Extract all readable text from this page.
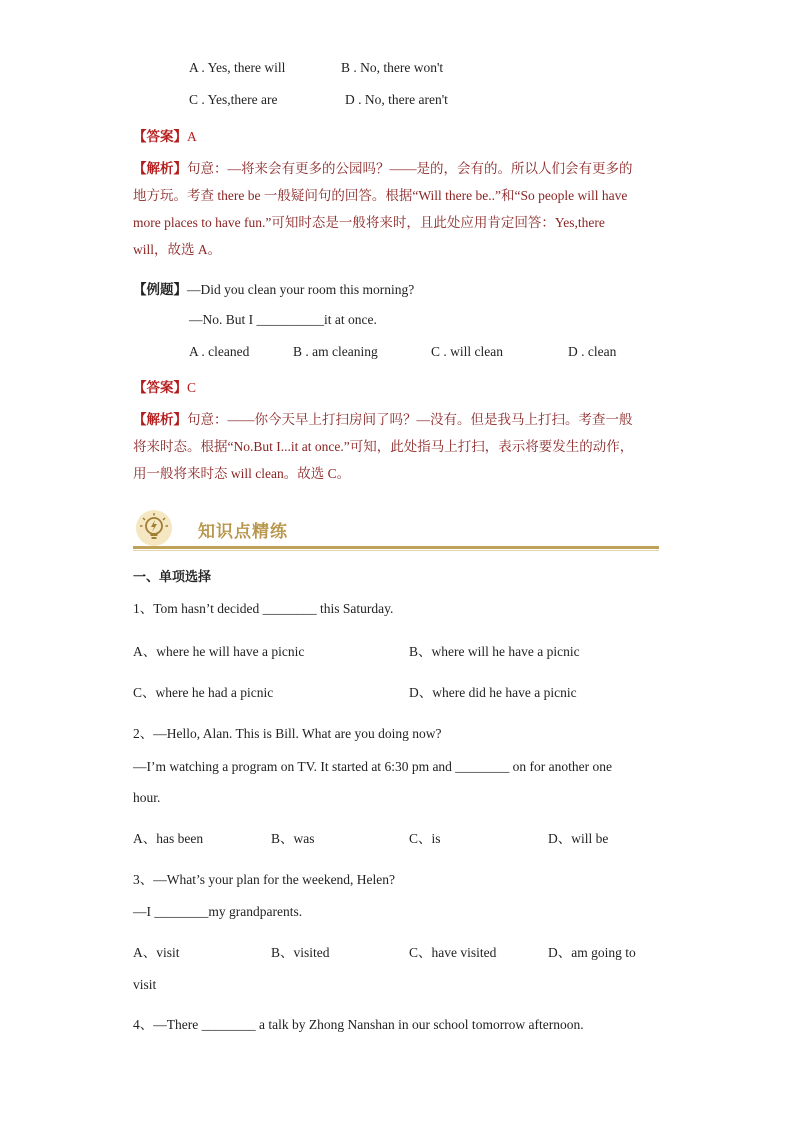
A . Yes, there will	B . No, there won't
C . Yes,there are	D . No, there aren't
【答案】A
【解析】句意：—将来会有更多的公园吗？——是的，会有的。所以人们会有更多的
地方玩。考查 there be 一般疑问句的回答。根据“Will there be..”和“So people will have
more places to have fun.”可知时态是一般将来时，且此处应用肯定回答：Yes,there
will，故选 A。
【例题】—Did you clean your room this morning?
—No. But I __________it at once.
A . cleaned	B . am cleaning	C . will clean	D . clean
【答案】C
【解析】句意：——你今天早上打扫房间了吗？—没有。但是我马上打扫。考查一般
将来时态。根据“No.But I...it at once.”可知，此处指马上打扫，表示将要发生的动作，
用一般将来时态 will clean。故选 C。
知识点精练
一、单项选择
1、Tom hasn’t decided ________ this Saturday.
A、where he will have a picnic	B、where will he have a picnic
C、where he had a picnic	D、where did he have a picnic
2、—Hello, Alan. This is Bill. What are you doing now?
—I’m watching a program on TV. It started at 6:30 pm and ________ on for another one
hour.
A、has been	B、was	C、is	D、will be
3、—What’s your plan for the weekend, Helen?
—I ________my grandparents.
A、visit	B、visited	C、have visited	D、am going to
visit
4、—There ________ a talk by Zhong Nanshan in our school tomorrow afternoon.
